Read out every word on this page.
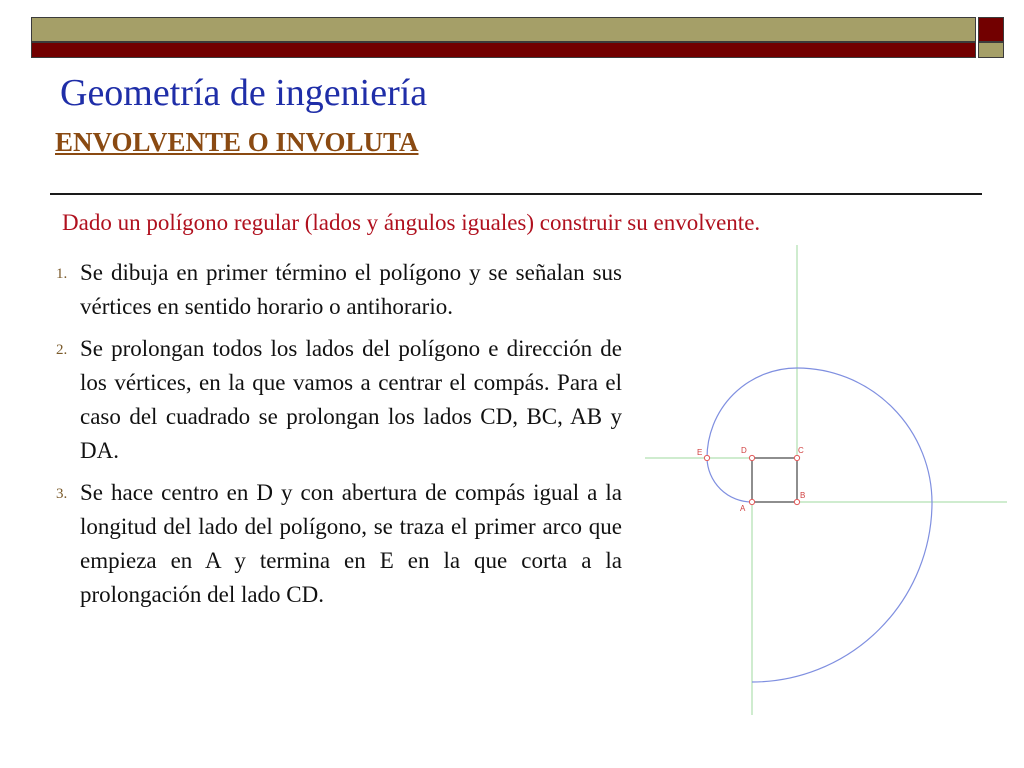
Geometría de ingeniería
ENVOLVENTE O INVOLUTA

Dado un polígono regular (lados y ángulos iguales) construir su envolvente.

1. Se dibuja en primer término el polígono y se señalan sus vértices en sentido horario o antihorario.
2. Se prolongan todos los lados del polígono e dirección de los vértices, en la que vamos a centrar el compás. Para el caso del cuadrado se prolongan los lados CD, BC, AB y DA.
3. Se hace centro en D y con abertura de compás igual a la longitud del lado del polígono, se traza el primer arco que empieza en A y termina en E en la que corta a la prolongación del lado CD.
A
B
C
D
E
